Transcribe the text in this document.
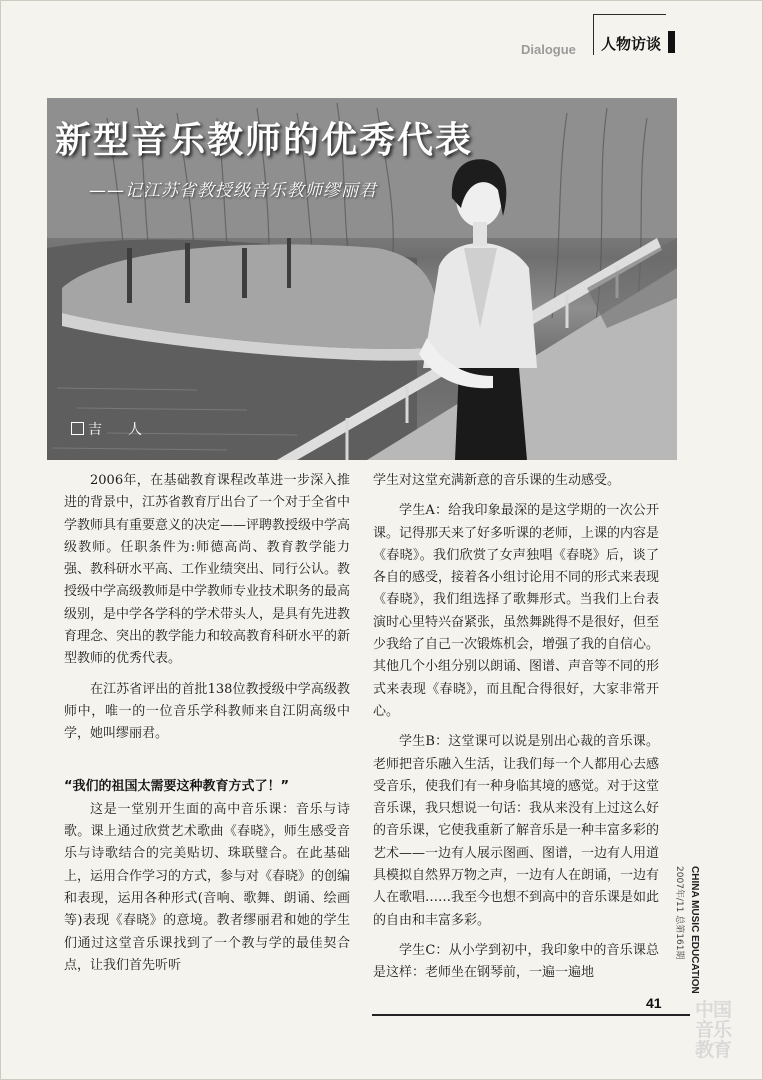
Dialogue 人物访谈
新型音乐教师的优秀代表
——记江苏省教授级音乐教师缪丽君
吉　人

2006年，在基础教育课程改革进一步深入推进的背景中，江苏省教育厅出台了一个对于全省中学教师具有重要意义的决定——评聘教授级中学高级教师。任职条件为:师德高尚、教育教学能力强、教科研水平高、工作业绩突出、同行公认。教授级中学高级教师是中学教师专业技术职务的最高级别，是中学各学科的学术带头人，是具有先进教育理念、突出的教学能力和较高教育科研水平的新型教师的优秀代表。

在江苏省评出的首批138位教授级中学高级教师中，唯一的一位音乐学科教师来自江阴高级中学，她叫缪丽君。

“我们的祖国太需要这种教育方式了！”

这是一堂别开生面的高中音乐课：音乐与诗歌。课上通过欣赏艺术歌曲《春晓》，师生感受音乐与诗歌结合的完美贴切、珠联璧合。在此基础上，运用合作学习的方式，参与对《春晓》的创编和表现，运用各种形式(音响、歌舞、朗诵、绘画等)表现《春晓》的意境。教者缪丽君和她的学生们通过这堂音乐课找到了一个教与学的最佳契合点，让我们首先听听

学生对这堂充满新意的音乐课的生动感受。

学生A：给我印象最深的是这学期的一次公开课。记得那天来了好多听课的老师，上课的内容是《春晓》。我们欣赏了女声独唱《春晓》后，谈了各自的感受，接着各小组讨论用不同的形式来表现《春晓》，我们组选择了歌舞形式。当我们上台表演时心里特兴奋紧张，虽然舞跳得不是很好，但至少我给了自己一次锻炼机会，增强了我的自信心。其他几个小组分别以朗诵、图谱、声音等不同的形式来表现《春晓》，而且配合得很好，大家非常开心。

学生B：这堂课可以说是别出心裁的音乐课。老师把音乐融入生活，让我们每一个人都用心去感受音乐，使我们有一种身临其境的感觉。对于这堂音乐课，我只想说一句话：我从来没有上过这么好的音乐课，它使我重新了解音乐是一种丰富多彩的艺术——一边有人展示图画、图谱，一边有人用道具模拟自然界万物之声，一边有人在朗诵，一边有人在歌唱……我至今也想不到高中的音乐课是如此的自由和丰富多彩。

学生C：从小学到初中，我印象中的音乐课总是这样：老师坐在钢琴前，一遍一遍地	CHINA MUSIC EDUCATION
2007年/11 总第161期
41 中国音乐教育
